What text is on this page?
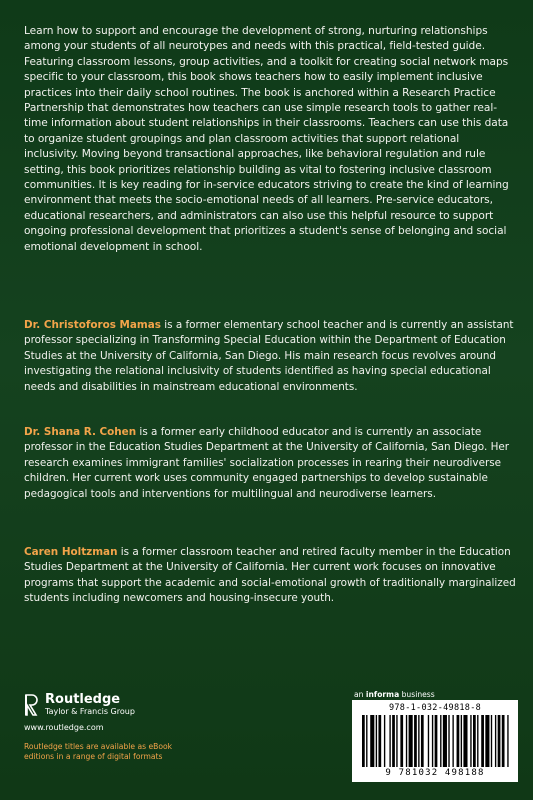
Learn how to support and encourage the development of strong, nurturing relationships among your students of all neurotypes and needs with this practical, field-tested guide. Featuring classroom lessons, group activities, and a toolkit for creating social network maps specific to your classroom, this book shows teachers how to easily implement inclusive practices into their daily school routines. The book is anchored within a Research Practice Partnership that demonstrates how teachers can use simple research tools to gather real-time information about student relationships in their classrooms. Teachers can use this data to organize student groupings and plan classroom activities that support relational inclusivity. Moving beyond transactional approaches, like behavioral regulation and rule setting, this book prioritizes relationship building as vital to fostering inclusive classroom communities. It is key reading for in-service educators striving to create the kind of learning environment that meets the socio-emotional needs of all learners. Pre-service educators, educational researchers, and administrators can also use this helpful resource to support ongoing professional development that prioritizes a student's sense of belonging and social emotional development in school.

Dr. Christoforos Mamas is a former elementary school teacher and is currently an assistant professor specializing in Transforming Special Education within the Department of Education Studies at the University of California, San Diego. His main research focus revolves around investigating the relational inclusivity of students identified as having special educational needs and disabilities in mainstream educational environments.

Dr. Shana R. Cohen is a former early childhood educator and is currently an associate professor in the Education Studies Department at the University of California, San Diego. Her research examines immigrant families' socialization processes in rearing their neurodiverse children. Her current work uses community engaged partnerships to develop sustainable pedagogical tools and interventions for multilingual and neurodiverse learners.

Caren Holtzman is a former classroom teacher and retired faculty member in the Education Studies Department at the University of California. Her current work focuses on innovative programs that support the academic and social-emotional growth of traditionally marginalized students including newcomers and housing-insecure youth.

Routledge
Taylor & Francis Group
www.routledge.com
Routledge titles are available as eBook editions in a range of digital formats
an informa business
978-1-032-49818-8
9 781032 498188
